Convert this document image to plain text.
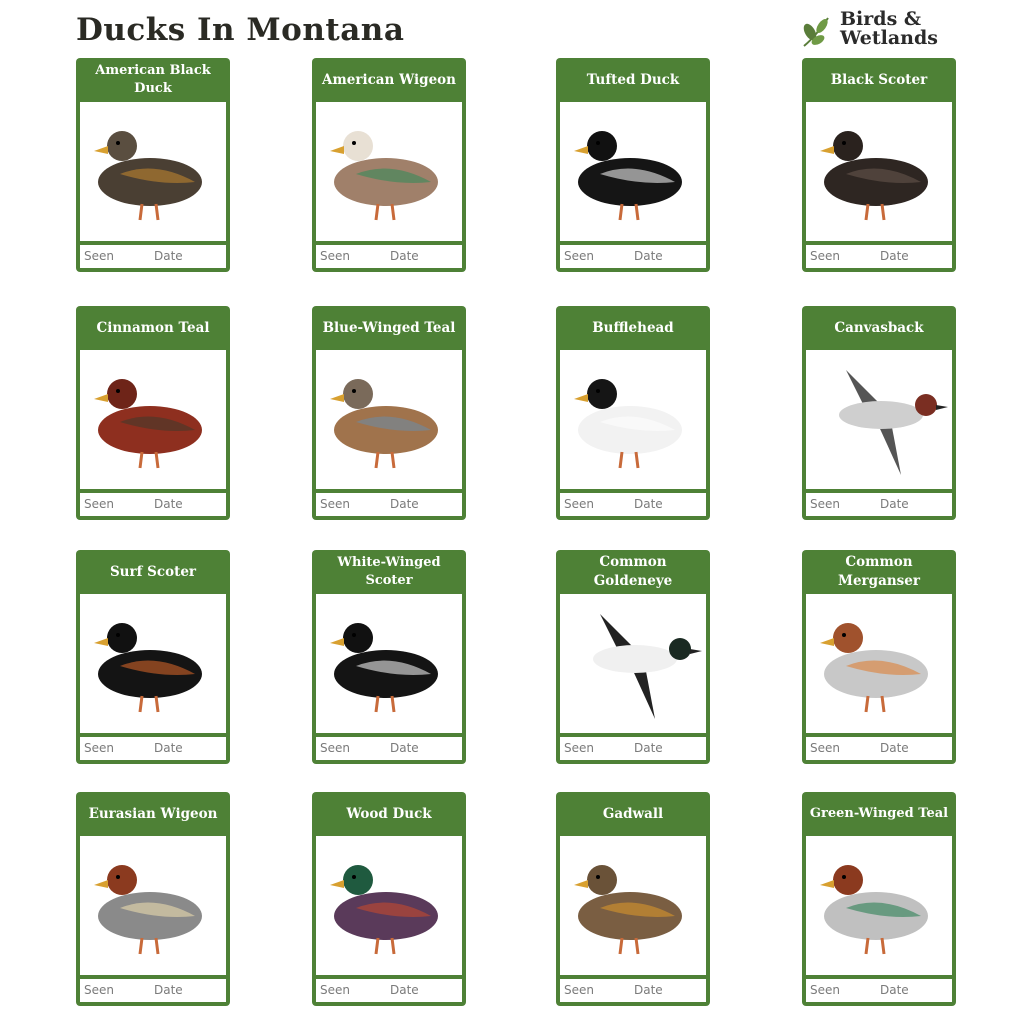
Ducks In Montana	Birds &
Wetlands
American Black Duck
Seen	Date
American Wigeon
Seen	Date
Tufted Duck
Seen	Date
Black Scoter
Seen	Date
Cinnamon Teal
Seen	Date
Blue-Winged Teal
Seen	Date
Bufflehead
Seen	Date
Canvasback
Seen	Date
Surf Scoter
Seen	Date
White-Winged Scoter
Seen	Date
Common Goldeneye
Seen	Date
Common Merganser
Seen	Date
Eurasian Wigeon
Seen	Date
Wood Duck
Seen	Date
Gadwall
Seen	Date
Green-Winged Teal
Seen	Date
